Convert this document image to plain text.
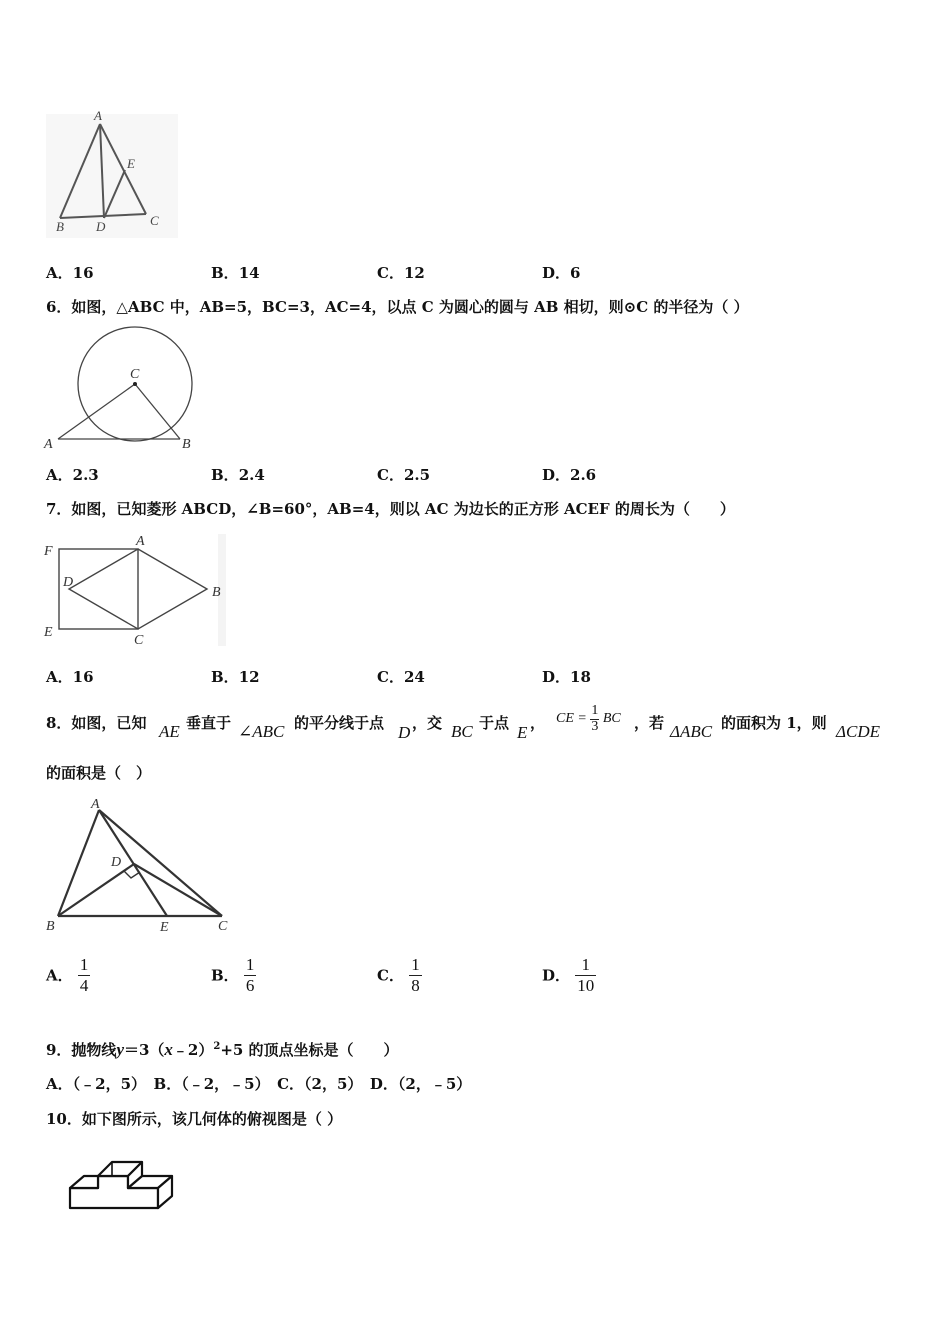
A
B D	C
E
A．16	B．14	C．12	D．6
6．如图，△ABC 中，AB=5，BC=3，AC=4，以点 C 为圆心的圆与 AB 相切，则⊙C 的半径为（ ）
C
A	B
A．2.3	B．2.4	C．2.5	D．2.6
7．如图，已知菱形 ABCD，∠B=60°，AB=4，则以 AC 为边长的正方形 ACEF 的周长为（　　）
F
A
D
B
E
C
A．16	B．12	C．24	D．18
8．如图，已知 AE 垂直于 ∠ABC 的平分线于点 D ，交 BC 于点 E ， CE = $\frac{1}{3}$ BC ，若 ΔABC 的面积为 1，则 ΔCDE
的面积是（　）
A
D
B	E	C
A． $\frac{1}{4}$	B． $\frac{1}{6}$	C． $\frac{1}{8}$	D． $\frac{1}{10}$
9．抛物线y＝3（x﹣2）$^2$+5 的顶点坐标是（　　）
A．（﹣2，5）　B．（﹣2，﹣5）　C．（2，5）　D．（2，﹣5）
10．如下图所示，该几何体的俯视图是（ ）
